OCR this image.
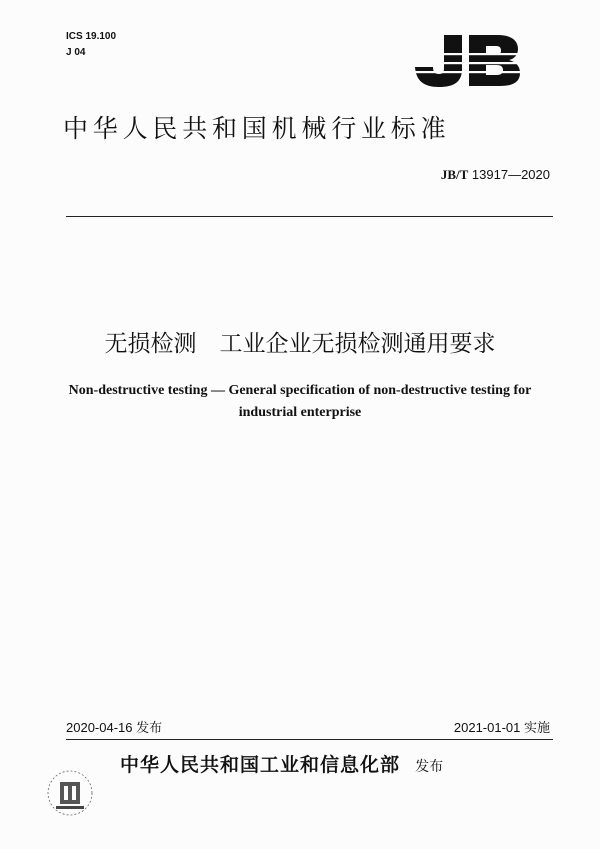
ICS 19.100
J 04
中华人民共和国机械行业标准
JB/T 13917—2020
无损检测　工业企业无损检测通用要求
Non-destructive testing — General specification of non-destructive testing for
industrial enterprise
2020-04-16 发布	2021-01-01 实施
中华人民共和国工业和信息化部 发布
